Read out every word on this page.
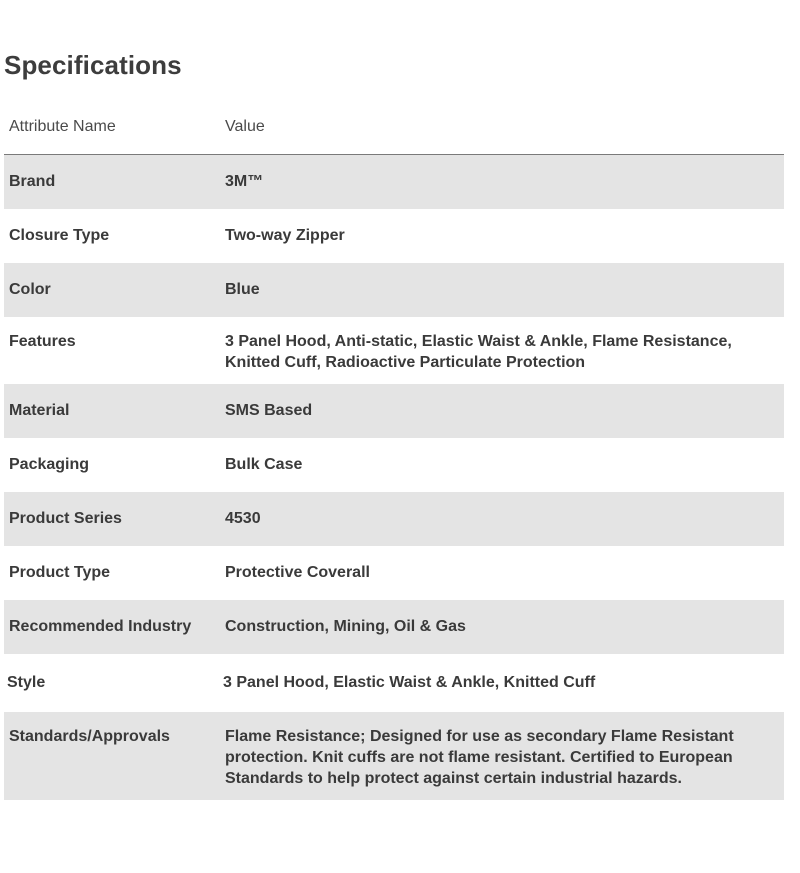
Specifications
Attribute Name	Value
Brand	3M™
Closure Type	Two-way Zipper
Color	Blue
Features	3 Panel Hood, Anti-static, Elastic Waist & Ankle, Flame Resistance, Knitted Cuff, Radioactive Particulate Protection
Material	SMS Based
Packaging	Bulk Case
Product Series	4530
Product Type	Protective Coverall
Recommended Industry	Construction, Mining, Oil & Gas
Style	3 Panel Hood, Elastic Waist & Ankle, Knitted Cuff
Standards/Approvals	Flame Resistance; Designed for use as secondary Flame Resistant protection. Knit cuffs are not flame resistant. Certified to European Standards to help protect against certain industrial hazards.
